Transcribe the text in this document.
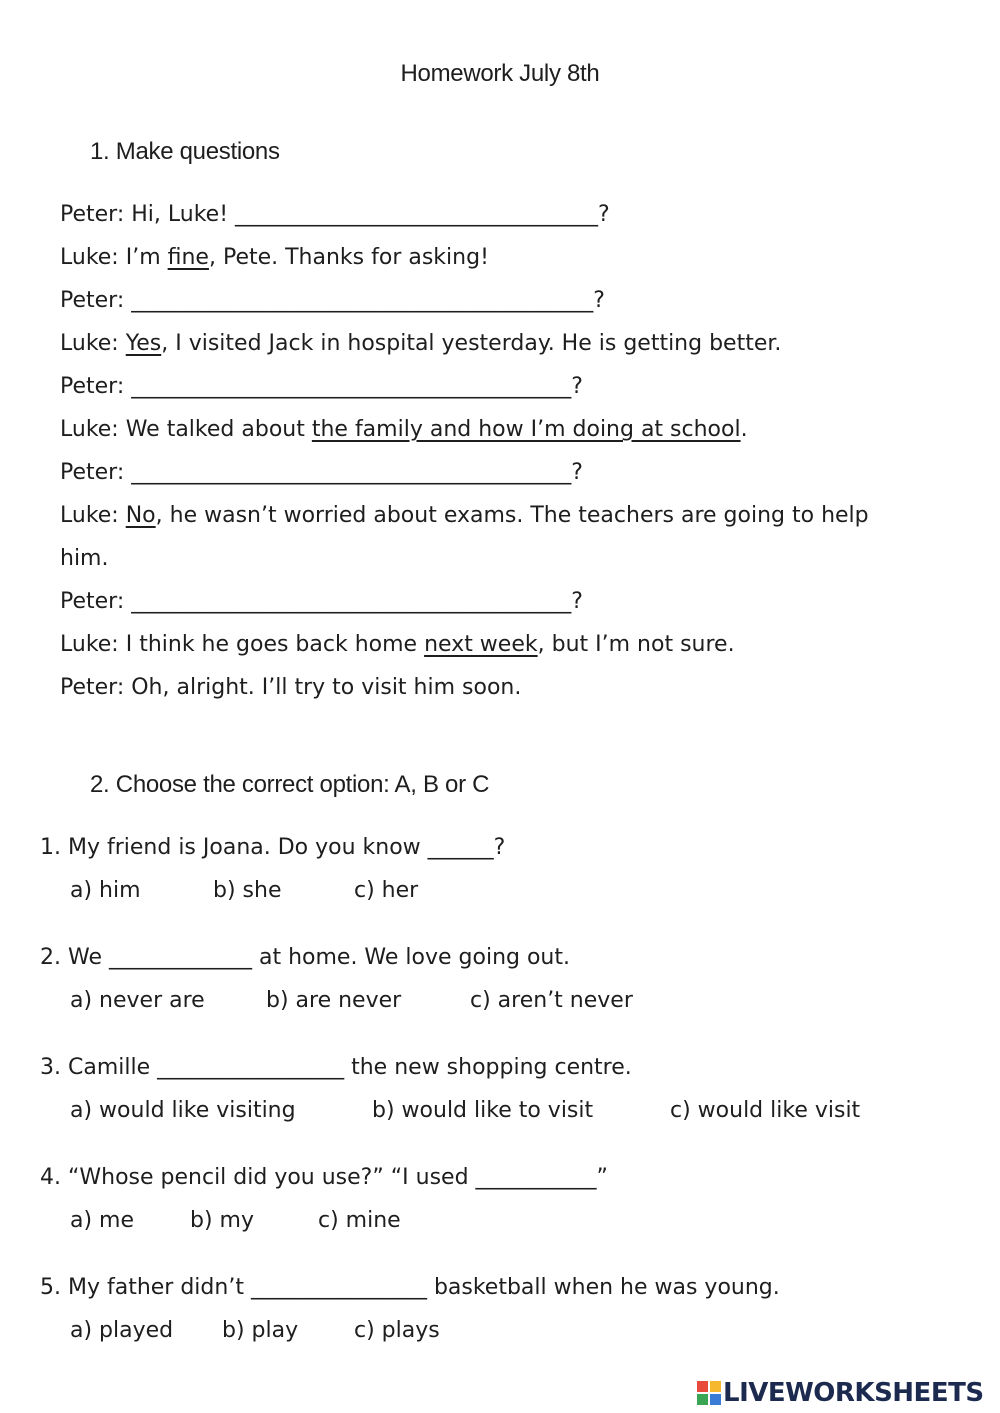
Homework July 8th
1. Make questions
Peter: Hi, Luke! _________________________________?
Luke: I’m fine, Pete. Thanks for asking!
Peter: __________________________________________?
Luke: Yes, I visited Jack in hospital yesterday. He is getting better.
Peter: ________________________________________?
Luke: We talked about the family and how I’m doing at school.
Peter: ________________________________________?
Luke: No, he wasn’t worried about exams. The teachers are going to help
him.
Peter: ________________________________________?
Luke: I think he goes back home next week, but I’m not sure.
Peter: Oh, alright. I’ll try to visit him soon.
2. Choose the correct option: A, B or C
1. My friend is Joana. Do you know ______?
a) him	b) she	c) her
2. We _____________ at home. We love going out.
a) never are	b) are never	c) aren’t never
3. Camille _________________ the new shopping centre.
a) would like visiting	b) would like to visit	c) would like visit
4. “Whose pencil did you use?” “I used ___________”
a) me	b) my	c) mine
5. My father didn’t ________________ basketball when he was young.
a) played b) play	c) plays
LIVEWORKSHEETS
